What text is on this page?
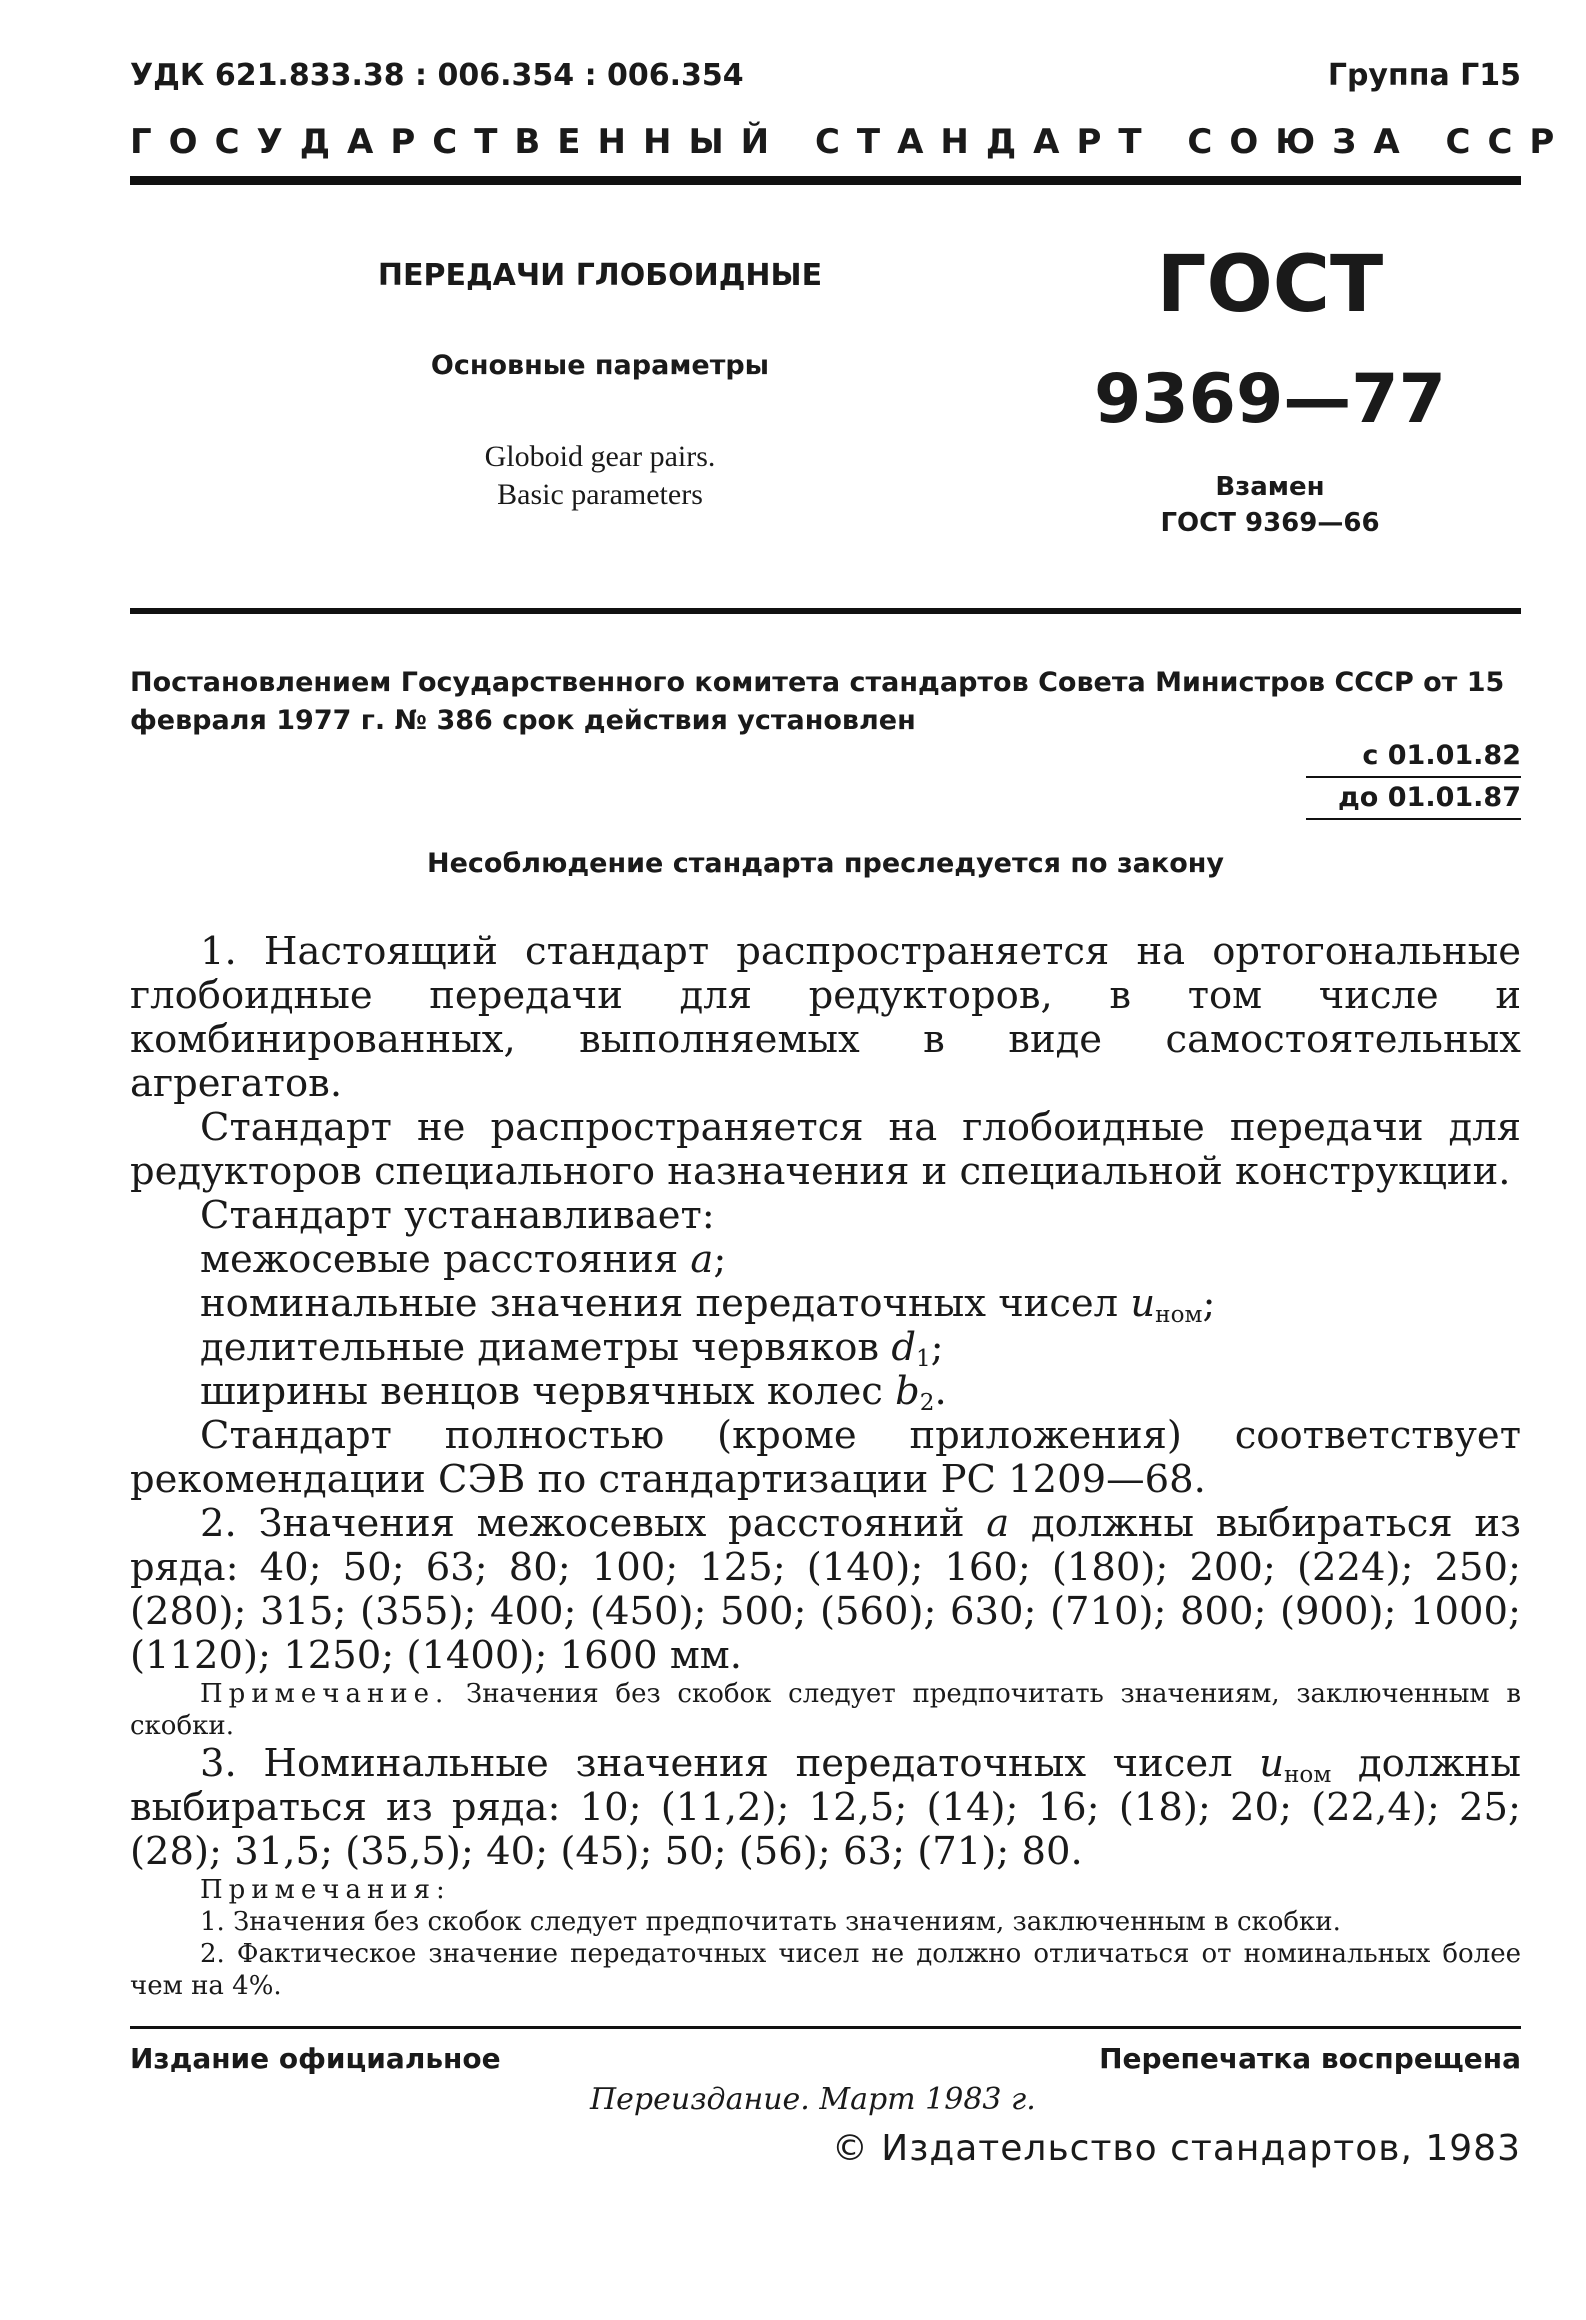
УДК 621.833.38 : 006.354 : 006.354	Группа Г15
ГОСУДАРСТВЕННЫЙ СТАНДАРТ СОЮЗА ССР
ПЕРЕДАЧИ ГЛОБОИДНЫЕ
Основные параметры
Globoid gear pairs.
Basic parameters
ГОСТ
9369—77
Взамен
ГОСТ 9369—66
Постановлением Государственного комитета стандартов Совета Министров СССР от 15 февраля 1977 г. № 386 срок действия установлен
с 01.01.82
до 01.01.87
Несоблюдение стандарта преследуется по закону

1. Настоящий стандарт распространяется на ортогональные глобоидные передачи для редукторов, в том числе и комбинированных, выполняемых в виде самостоятельных агрегатов.

Стандарт не распространяется на глобоидные передачи для редукторов специального назначения и специальной конструкции.

Стандарт устанавливает:

межосевые расстояния a;

номинальные значения передаточных чисел $u_{ном}$;

делительные диаметры червяков $d_1$;

ширины венцов червячных колес $b_2$.

Стандарт полностью (кроме приложения) соответствует рекомендации СЭВ по стандартизации РС 1209—68.

2. Значения межосевых расстояний a должны выбираться из ряда: 40; 50; 63; 80; 100; 125; (140); 160; (180); 200; (224); 250; (280); 315; (355); 400; (450); 500; (560); 630; (710); 800; (900); 1000; (1120); 1250; (1400); 1600 мм.

Примечание. Значения без скобок следует предпочитать значениям, заключенным в скобки.

3. Номинальные значения передаточных чисел $u_{ном}$ должны выбираться из ряда: 10; (11,2); 12,5; (14); 16; (18); 20; (22,4); 25; (28); 31,5; (35,5); 40; (45); 50; (56); 63; (71); 80.

Примечания:

1. Значения без скобок следует предпочитать значениям, заключенным в скобки.

2. Фактическое значение передаточных чисел не должно отличаться от номинальных более чем на 4%.

Издание официальное	Перепечатка воспрещена
Переиздание. Март 1983 г.
© Издательство стандартов, 1983
